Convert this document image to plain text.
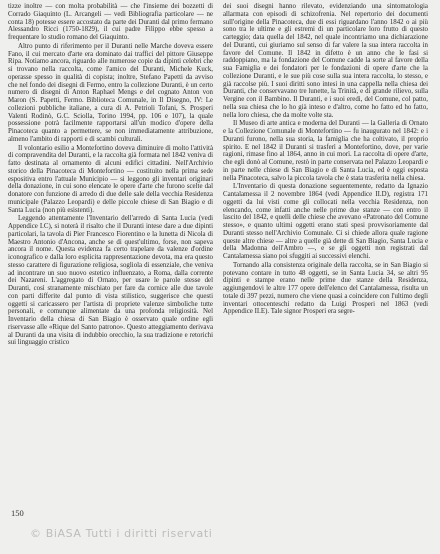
tizze inoltre — con molta probabilità — che l'insieme dei bozzetti di Corrado Giaquinto (L. Arcangeli — vedi Bibliografia particolare — ne conta 18) potesse essere accostato da parte dei Duranti dal primo fermano Alessandro Ricci (1750-1829), il cui padre Filippo ebbe spesso a frequentare lo studio romano del Giaquinto.

Altro punto di riferimento per il Duranti nelle Marche doveva essere Fano, il cui mercato d'arte era dominato dai traffici del pittore Giuseppe Ripa. Notiamo ancora, riguardo alle numerose copie da dipinti celebri che si trovano nella raccolta, come l'amico del Duranti, Michele Kuck, operasse spesso in qualità di copista; inoltre, Stefano Papetti da avviso che nel fondo dei disegni di Fermo, entro la collezione Duranti, è un certo numero di disegni di Anton Raphael Mengs e del cognato Anton von Maron (S. Papetti, Fermo. Biblioteca Comunale, in Il Disegno, IV: Le collezioni pubbliche italiane, a cura di A. Petrioli Tofani, S. Prosperi Valenti Rodinò, G.C. Sciolla, Torino 1994, pp. 106 e 107), la quale possessione potrà facilmente rapportarsi all'un modico d'opere della Pinacoteca quanto a permettere, se non immediatamente attribuzione, almeno l'ambito di rapporti e di scambi culturali.

Il volontario esilio a Montefortino doveva diminuire di molto l'attività di compravendita del Duranti, e la raccolta già formata nel 1842 veniva di fatto destinata al ornamento di alcuni edifici cittadini. Nell'Archivio storico della Pinacoteca di Montefortino — costituito nella prima sede espositiva entro l'attuale Municipio — si leggono gli inventari originari della donazione, in cui sono elencate le opere d'arte che furono scelte dal donatore con funzione di arredo di due delle sale della vecchia Residenza municipale (Palazzo Leopardi) e delle piccole chiese di San Biagio e di Santa Lucia (non più esistenti).

Leggendo attentamente l'Inventario dell'arredo di Santa Lucia (vedi Appendice I.C), si noterà il risalto che il Duranti intese dare a due dipinti particolari, la tavola di Pier Francesco Fiorentino e la lunetta di Nicola di Maestro Antonio d'Ancona, anche se di quest'ultimo, forse, non sapeva ancora il nome. Questa evidenza fa certo trapelare da valenze d'ordine iconografico e dalla loro esplicita rappresentazione devota, ma era questo stesso carattere di figurazione religiosa, sogliola di essenziale, che veniva ad incontrare un suo nuovo estetico influenzato, a Roma, dalla corrente dei Nazareni. L'aggregato di Ornato, per usare le parole stesse del Duranti, così stranamente mischiato per fare da cornice alle due tavole con parti differite dal punto di vista stilistico, suggerisce che questi oggetti si caricassero per l'artista di propriete valenze simboliche tutte personali, e comunque alimentate da una profonda religiosità. Nel Inventario della chiesa di San Biagio è osservato quale ordine egli riservasse alle «Rique del Santo patrono». Questo atteggiamento derivava al Duranti da una visita di indubbio orecchio, la sua tradizione e retorichi sui linguaggio cristico

dei suoi disegni hanno rilevato, evidenziando una sintomatologia allarmata con episodi di schizofrenia. Nel repertorio dei documenti sull'origine della Pinacoteca, due di essi riguardano l'anno 1842 o ai più sono tra le ultime e gli estremi di un particolare loro frutto di questo carteggio; data quella del 1842, nel quale incontriamo una dichiarazione del Duranti, cui giuriamo sul senso di far valere la sua intera raccolta in favore del Comune. Il 1842 in difetto è un anno che le fasi si raddoppiano, ma la fondazione del Comune cadde la sorte al favore della sua Famiglia e dei fondatori per le fondazioni di opere d'arte che la collezione Duranti, e le sue più cose sulla sua intera raccolta, lo stesso, e già raccolse più. I suoi diritti sono intesi in una cappella nella chiesa dei Duranti, che conservavano tre lunette, la Trinità, e di grande rilievo, sulla Vergine con il Bambino. Il Duranti, e i suoi eredi, del Comune, col patto, nella sua chiesa che lo ho già inteso e d'altro, come ho fatto ed ho fatto, nella loro chiesa, che da molte volte sta.

Il Museo di arte antica e moderna del Duranti — la Galleria di Ornato e la Collezione Comunale di Montefortino — fu inaugurato nel 1842: e i Duranti furono, nella sua storia, la famiglia che ha coltivato, il proprio spirito. E nel 1842 il Duranti si trasferì a Montefortino, dove, per varie ragioni, rimase fino al 1864, anno in cui morì. La raccolta di opere d'arte, che egli donò al Comune, restò in parte conservata nel Palazzo Leopardi e in parte nelle chiese di San Biagio e di Santa Lucia, ed è oggi esposta nella Pinacoteca, salvo la piccola tavola che è stata trasferita nella chiesa.

L'Inventario di questa donazione seguentemente, redatto da Ignazio Cantalamessa il 2 novembre 1864 (vedi Appendice II.D), registra 171 oggetti da lui visti come gli collocati nella vecchia Residenza, non elencando, come infatti anche nelle prime due stanze — con entro il lascito del 1842, e quelli delle chiese che avevano «Patronato del Comune stesso», e quanto ultimi oggetti erano stati spesi provvisoriamente dal Duranti stesso nell'Archivio Comunale. Ci si chiede allora quale ragione queste altre chiese — altre a quelle già dette di San Biagio, Santa Lucia e della Madonna dell'Ambro —, e se gli oggetti non registrati dal Cantalamessa siano poi sfuggiti ai successivi elenchi.

Tornando alla consistenza originale della raccolta, se in San Biagio si potevano contare in tutto 48 oggetti, se in Santa Lucia 34, se altri 95 dipinti e stampe erano nelle prime due stanze della Residenza, aggiungendovi le altre 177 opere dell'elenco del Cantalamessa, risulta un totale di 397 pezzi, numero che viene quasi a coincidere con l'ultimo degli inventari ottocenteschi redatto da Luigi Prosperi nel 1863 (vedi Appendice II.E). Tale signor Prosperi era segre-

150
© BiASA Tutti i diritti riservati
